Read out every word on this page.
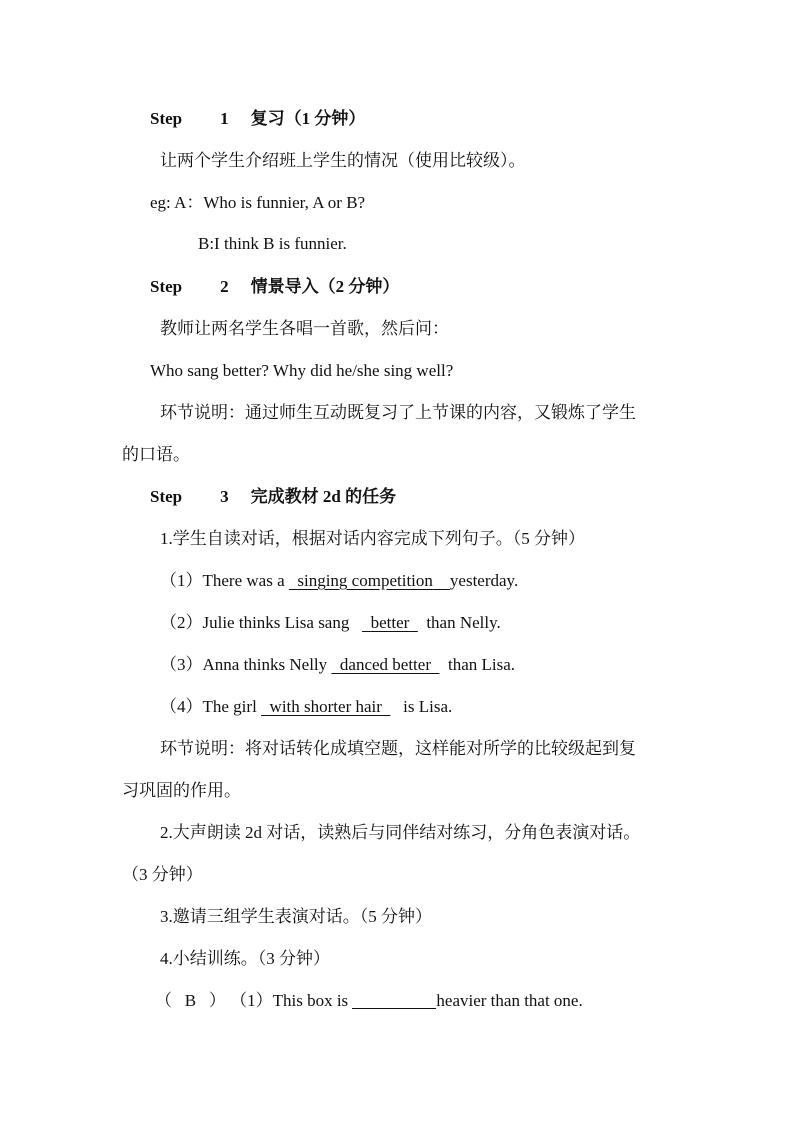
Step 1 复习（1 分钟）
让两个学生介绍班上学生的情况（使用比较级）。
eg: A：Who is funnier, A or B?
B:I think B is funnier.
Step 2 情景导入（2 分钟）
教师让两名学生各唱一首歌，然后问：
Who sang better? Why did he/she sing well?
环节说明：通过师生互动既复习了上节课的内容，又锻炼了学生
的口语。
Step 3 完成教材 2d 的任务
1.学生自读对话，根据对话内容完成下列句子。（5 分钟）
（1）There was a singing competition yesterday.
（2）Julie thinks Lisa sang better than Nelly.
（3）Anna thinks Nelly danced better than Lisa.
（4）The girl with shorter hair is Lisa.
环节说明：将对话转化成填空题，这样能对所学的比较级起到复
习巩固的作用。
2.大声朗读 2d 对话，读熟后与同伴结对练习，分角色表演对话。
（3 分钟）
3.邀请三组学生表演对话。（5 分钟）
4.小结训练。（3 分钟）
（ B ） （1）This box is	heavier than that one.
